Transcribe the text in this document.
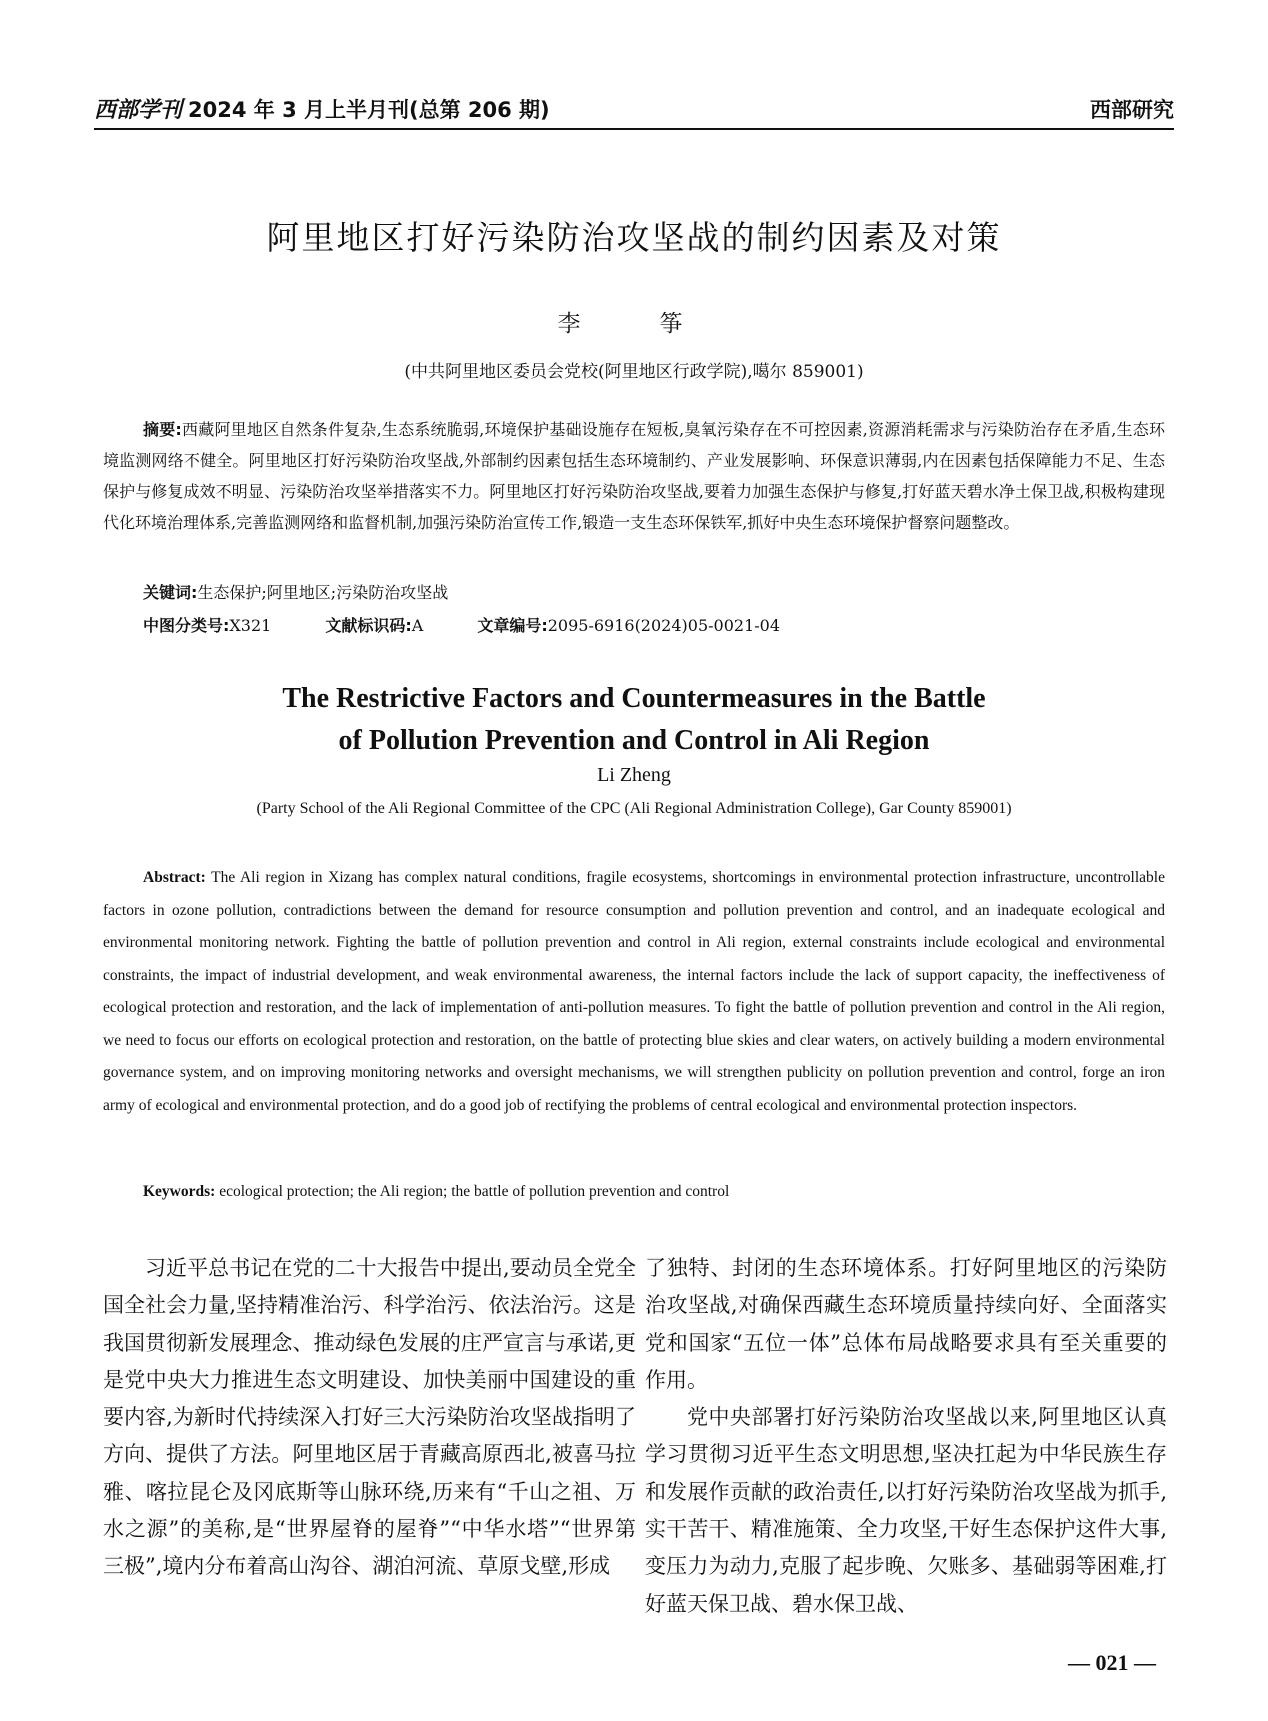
西部学刊 2024 年 3 月上半月刊(总第 206 期)	西部研究
阿里地区打好污染防治攻坚战的制约因素及对策
李　筝
(中共阿里地区委员会党校(阿里地区行政学院),噶尔 859001)
摘要:西藏阿里地区自然条件复杂,生态系统脆弱,环境保护基础设施存在短板,臭氧污染存在不可控因素,资源消耗需求与污染防治存在矛盾,生态环境监测网络不健全。阿里地区打好污染防治攻坚战,外部制约因素包括生态环境制约、产业发展影响、环保意识薄弱,内在因素包括保障能力不足、生态保护与修复成效不明显、污染防治攻坚举措落实不力。阿里地区打好污染防治攻坚战,要着力加强生态保护与修复,打好蓝天碧水净土保卫战,积极构建现代化环境治理体系,完善监测网络和监督机制,加强污染防治宣传工作,锻造一支生态环保铁军,抓好中央生态环境保护督察问题整改。
关键词:生态保护;阿里地区;污染防治攻坚战
中图分类号:X321	文献标识码:A	文章编号:2095-6916(2024)05-0021-04
The Restrictive Factors and Countermeasures in the Battle
of Pollution Prevention and Control in Ali Region
Li Zheng
(Party School of the Ali Regional Committee of the CPC (Ali Regional Administration College), Gar County 859001)
Abstract: The Ali region in Xizang has complex natural conditions, fragile ecosystems, shortcomings in environmental protection infrastructure, uncontrollable factors in ozone pollution, contradictions between the demand for resource consumption and pollution prevention and control, and an inadequate ecological and environmental monitoring network. Fighting the battle of pollution prevention and control in Ali region, external constraints include ecological and environmental constraints, the impact of industrial development, and weak environmental awareness, the internal factors include the lack of support capacity, the ineffectiveness of ecological protection and restoration, and the lack of implementation of anti-pollution measures. To fight the battle of pollution prevention and control in the Ali region, we need to focus our efforts on ecological protection and restoration, on the battle of protecting blue skies and clear waters, on actively building a modern environmental governance system, and on improving monitoring networks and oversight mechanisms, we will strengthen publicity on pollution prevention and control, forge an iron army of ecological and environmental protection, and do a good job of rectifying the problems of central ecological and environmental protection inspectors.
Keywords: ecological protection; the Ali region; the battle of pollution prevention and control

习近平总书记在党的二十大报告中提出,要动员全党全国全社会力量,坚持精准治污、科学治污、依法治污。这是我国贯彻新发展理念、推动绿色发展的庄严宣言与承诺,更是党中央大力推进生态文明建设、加快美丽中国建设的重要内容,为新时代持续深入打好三大污染防治攻坚战指明了方向、提供了方法。阿里地区居于青藏高原西北,被喜马拉雅、喀拉昆仑及冈底斯等山脉环绕,历来有“千山之祖、万水之源”的美称,是“世界屋脊的屋脊”“中华水塔”“世界第三极”,境内分布着高山沟谷、湖泊河流、草原戈壁,形成

了独特、封闭的生态环境体系。打好阿里地区的污染防治攻坚战,对确保西藏生态环境质量持续向好、全面落实党和国家“五位一体”总体布局战略要求具有至关重要的作用。

党中央部署打好污染防治攻坚战以来,阿里地区认真学习贯彻习近平生态文明思想,坚决扛起为中华民族生存和发展作贡献的政治责任,以打好污染防治攻坚战为抓手,实干苦干、精准施策、全力攻坚,干好生态保护这件大事,变压力为动力,克服了起步晚、欠账多、基础弱等困难,打好蓝天保卫战、碧水保卫战、

— 021 —
